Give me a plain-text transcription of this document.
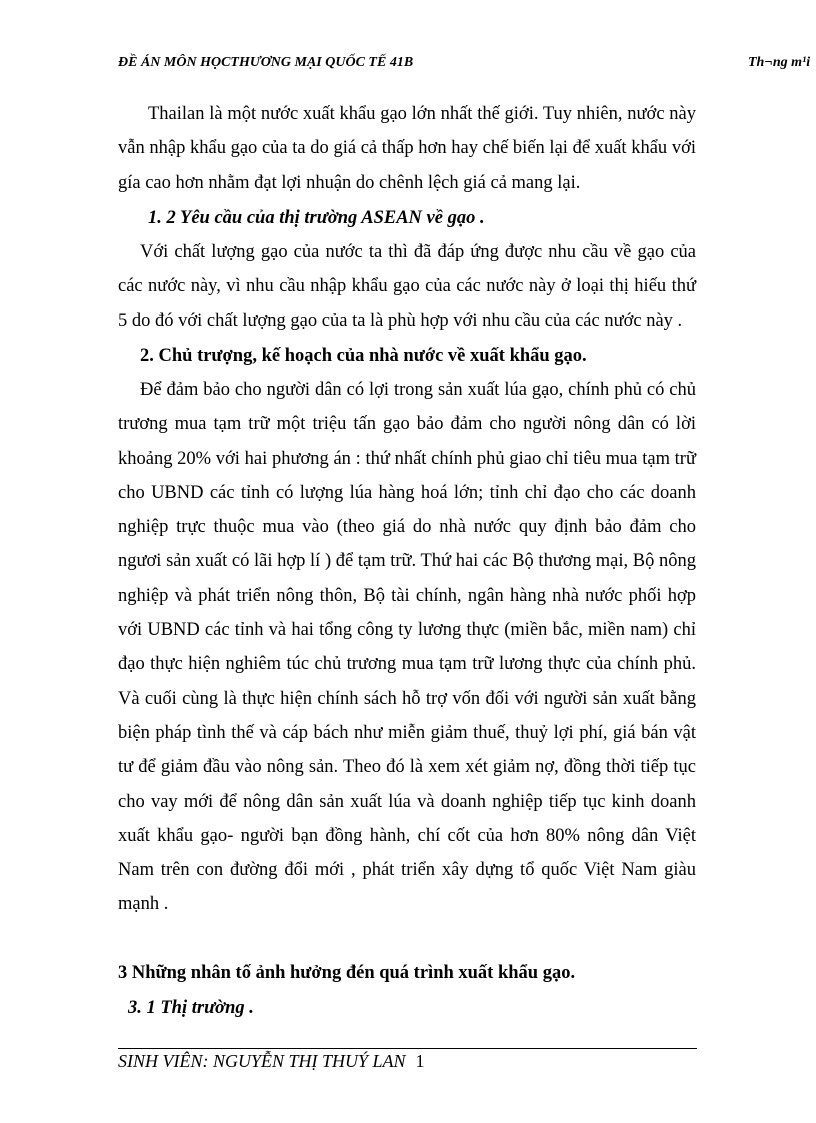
ĐỀ ÁN MÔN HỌCTHƯƠNG MẠI QUỐC TẾ 41B	Th¬ng m¹i

Thailan là một nước xuất khẩu gạo lớn nhất thế giới. Tuy nhiên, nước này vẫn nhập khẩu gạo của ta do giá cả thấp hơn hay chế biến lại để xuất khẩu với gía cao hơn nhằm đạt lợi nhuận do chênh lệch giá cả mang lại.

1. 2 Yêu cầu của thị trường ASEAN về gạo .

Với chất lượng gạo của nước ta thì đã đáp ứng được nhu cầu về gạo của các nước này, vì nhu cầu nhập khẩu gạo của các nước này ở loại thị hiếu thứ 5 do đó với chất lượng gạo của ta là phù hợp với nhu cầu của các nước này .

2. Chủ trượng, kế hoạch của nhà nước về xuất khẩu gạo.

Để đảm bảo cho người dân có lợi trong sản xuất lúa gạo, chính phủ có chủ trương mua tạm trữ một triệu tấn gạo bảo đảm cho người nông dân có lời khoảng 20% với hai phương án : thứ nhất chính phủ giao chỉ tiêu mua tạm trữ cho UBND các tỉnh có lượng lúa hàng hoá lớn; tỉnh chỉ đạo cho các doanh nghiệp trực thuộc mua vào (theo giá do nhà nước quy định bảo đảm cho ngươi sản xuất có lãi hợp lí ) để tạm trữ. Thứ hai các Bộ thương mại, Bộ nông nghiệp và phát triển nông thôn, Bộ tài chính, ngân hàng nhà nước phối hợp với UBND các tỉnh và hai tổng công ty lương thực (miền bắc, miền nam) chỉ đạo thực hiện nghiêm túc chủ trương mua tạm trữ lương thực của chính phủ. Và cuối cùng là thực hiện chính sách hỗ trợ vốn đối với người sản xuất bằng biện pháp tình thế và cáp bách như miễn giảm thuế, thuỷ lợi phí, giá bán vật tư để giảm đầu vào nông sản. Theo đó là xem xét giảm nợ, đồng thời tiếp tục cho vay mới để nông dân sản xuất lúa và doanh nghiệp tiếp tục kinh doanh xuất khẩu gạo- người bạn đồng hành, chí cốt của hơn 80% nông dân Việt Nam trên con đường đổi mới , phát triển xây dựng tổ quốc Việt Nam giàu mạnh .

3 Những nhân tố ảnh hưởng đén quá trình xuất khẩu gạo.

3. 1 Thị trường .

SINH VIÊN: NGUYỄN THỊ THUÝ LAN 1
